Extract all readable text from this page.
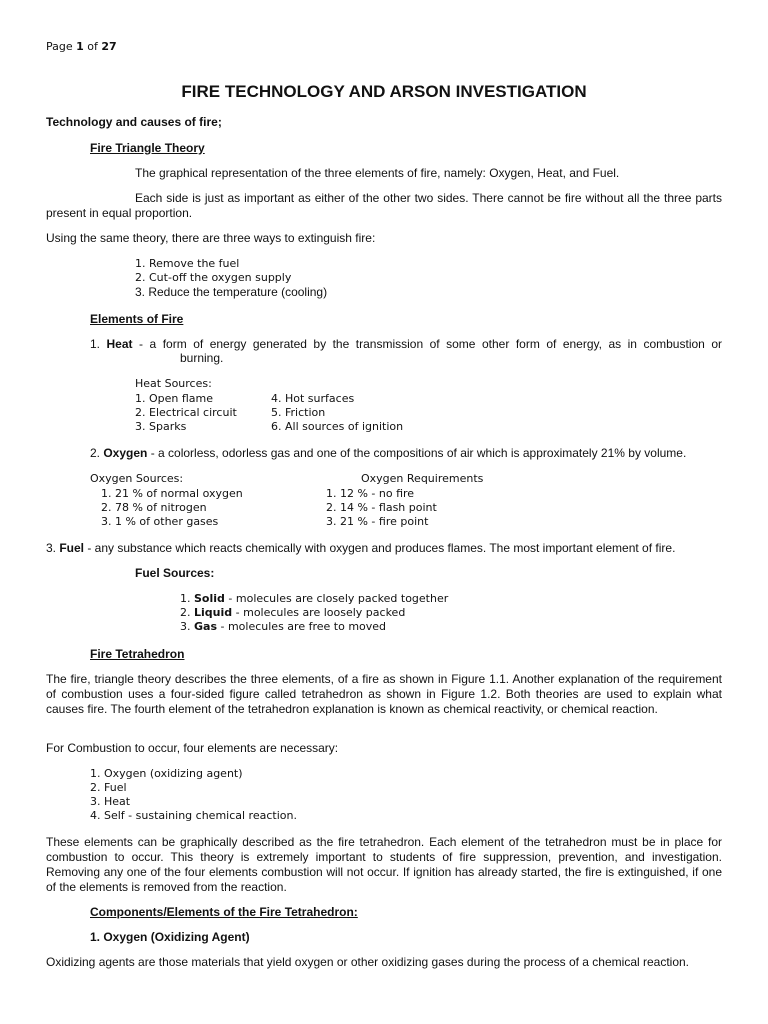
Page 1 of 27
FIRE TECHNOLOGY AND ARSON INVESTIGATION
Technology and causes of fire;
Fire Triangle Theory
The graphical representation of the three elements of fire, namely: Oxygen, Heat, and Fuel.
Each side is just as important as either of the other two sides. There cannot be fire without all the three parts present in equal proportion.
Using the same theory, there are three ways to extinguish fire:
1. Remove the fuel
2. Cut-off the oxygen supply
3. Reduce the temperature (cooling)
Elements of Fire
1. Heat - a form of energy generated by the transmission of some other form of energy, as in combustion or
burning.
Heat Sources:
1. Open flame
2. Electrical circuit
3. Sparks
4. Hot surfaces
5. Friction
6. All sources of ignition
2. Oxygen - a colorless, odorless gas and one of the compositions of air which is approximately 21% by volume.
Oxygen Sources:
1. 21 % of normal oxygen
2. 78 % of nitrogen
3. 1 % of other gases
Oxygen Requirements
1. 12 % - no fire
2. 14 % - flash point
3. 21 % - fire point
3. Fuel - any substance which reacts chemically with oxygen and produces flames. The most important element of fire.
Fuel Sources:
1. Solid - molecules are closely packed together
2. Liquid - molecules are loosely packed
3. Gas - molecules are free to moved
Fire Tetrahedron
The fire, triangle theory describes the three elements, of a fire as shown in Figure 1.1. Another explanation of the requirement of combustion uses a four-sided figure called tetrahedron as shown in Figure 1.2. Both theories are used to explain what causes fire. The fourth element of the tetrahedron explanation is known as chemical reactivity, or chemical reaction.
For Combustion to occur, four elements are necessary:
1. Oxygen (oxidizing agent)
2. Fuel
3. Heat
4. Self - sustaining chemical reaction.
These elements can be graphically described as the fire tetrahedron. Each element of the tetrahedron must be in place for combustion to occur. This theory is extremely important to students of fire suppression, prevention, and investigation. Removing any one of the four elements combustion will not occur. If ignition has already started, the fire is extinguished, if one of the elements is removed from the reaction.
Components/Elements of the Fire Tetrahedron:
1. Oxygen (Oxidizing Agent)
Oxidizing agents are those materials that yield oxygen or other oxidizing gases during the process of a chemical reaction.
